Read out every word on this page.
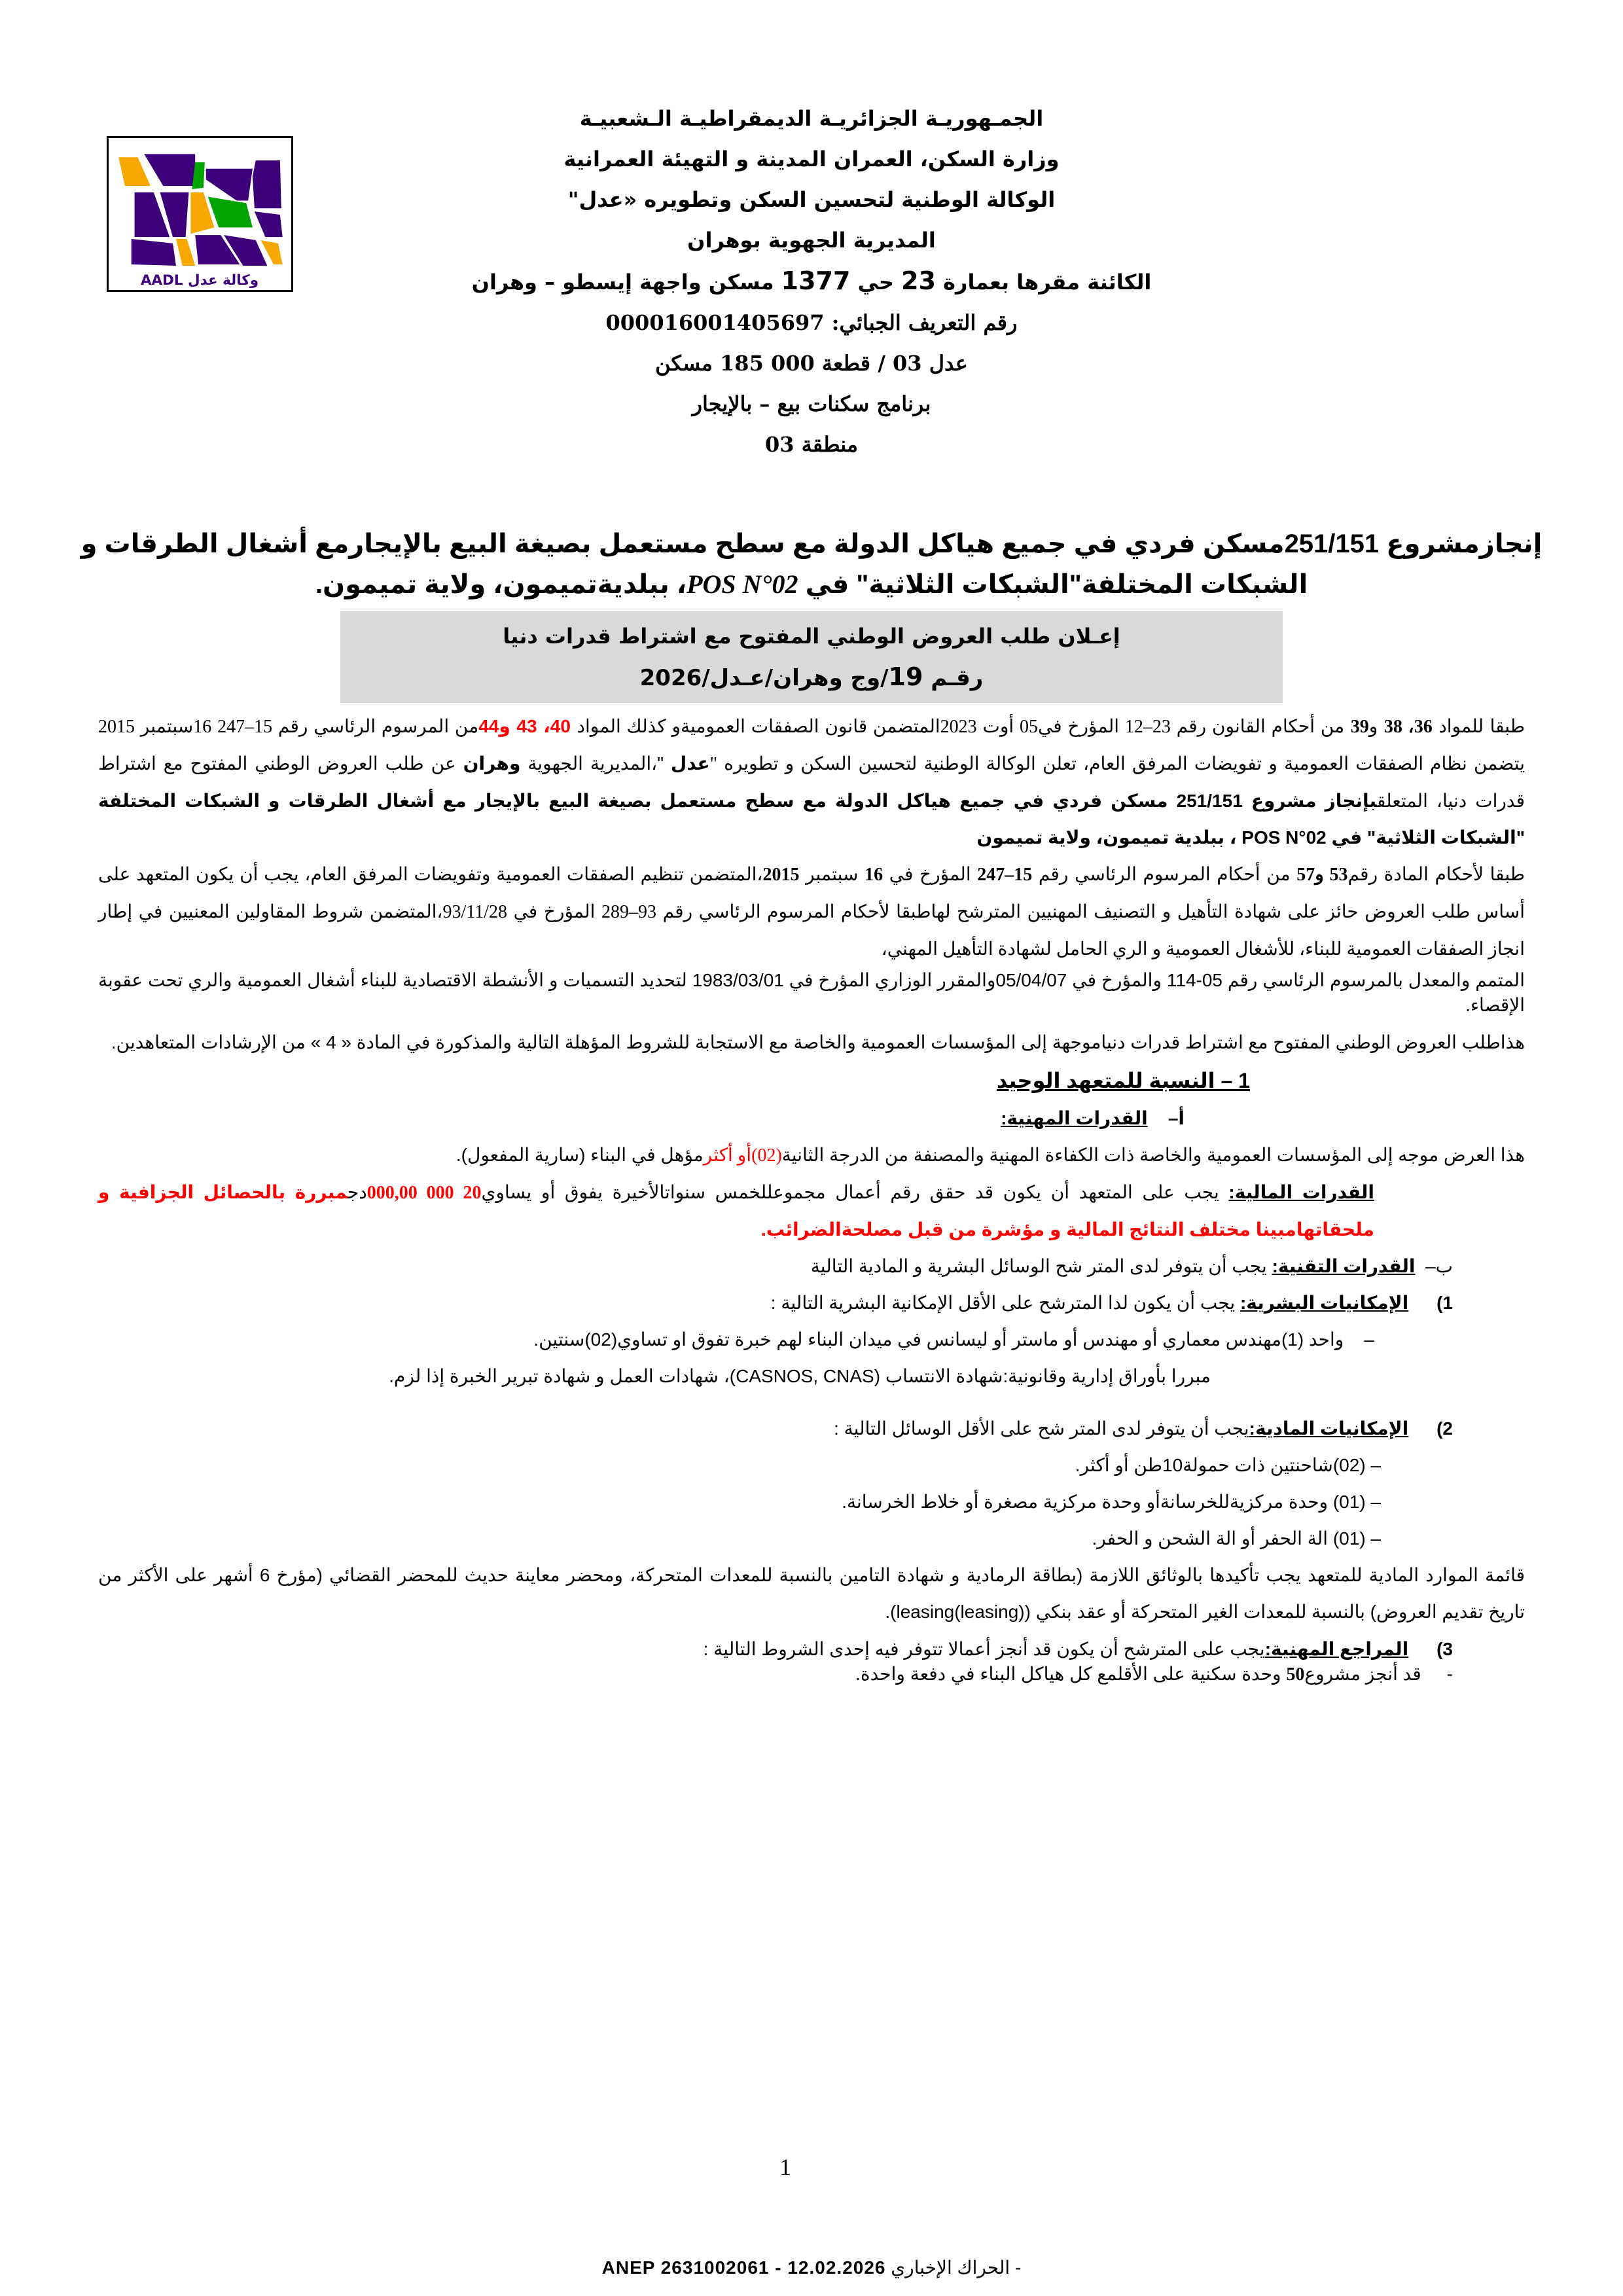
وكالة عدل AADL

الجمـهوريـة الجزائريـة الديمقراطيـة الـشعبيـة

وزارة السكن، العمران المدينة و التهيئة العمرانية

الوكالة الوطنية لتحسين السكن وتطويره «عدل"

المديرية الجهوية بوهران

الكائنة مقرها بعمارة 23 حي 1377 مسكن واجهة إيسطو – وهران

رقم التعريف الجبائي: 000016001405697

عدل 03 / قطعة 000 185 مسكن

برنامج سكنات بيع – بالإيجار

منطقة 03

إنجازمشروع 251/151مسكن فردي في جميع هياكل الدولة مع سطح مستعمل بصيغة البيع بالإيجارمع أشغال الطرقات و
الشبكات المختلفة"الشبكات الثلاثية" في POS N°02، ببلديةتميمون، ولاية تميمون.
إعـلان طلب العروض الوطني المفتوح مع اشتراط قدرات دنيا
رقـم 19/وج وهران/عـدل/2026

طبقا للمواد 36، 38 و39 من أحكام القانون رقم 23–12 المؤرخ في05 أوت 2023المتضمن قانون الصفقات العموميةو كذلك المواد 40، 43 و44من المرسوم الرئاسي رقم 15–247 16سبتمبر 2015 يتضمن نظام الصفقات العمومية و تفويضات المرفق العام، تعلن الوكالة الوطنية لتحسين السكن و تطويره "عدل "،المديرية الجهوية وهران عن طلب العروض الوطني المفتوح مع اشتراط قدرات دنيا، المتعلقبإنجاز مشروع 251/151 مسكن فردي في جميع هياكل الدولة مع سطح مستعمل بصيغة البيع بالإيجار مع أشغال الطرقات و الشبكات المختلفة "الشبكات الثلاثية" في POS N°02 ، ببلدية تميمون، ولاية تميمون

طبقا لأحكام المادة رقم53 و57 من أحكام المرسوم الرئاسي رقم 15–247 المؤرخ في 16 سبتمبر 2015،المتضمن تنظيم الصفقات العمومية وتفويضات المرفق العام، يجب أن يكون المتعهد على أساس طلب العروض حائز على شهادة التأهيل و التصنيف المهنيين المترشح لهاطبقا لأحكام المرسوم الرئاسي رقم 93–289 المؤرخ في 93/11/28،المتضمن شروط المقاولين المعنيين في إطار انجاز الصفقات العمومية للبناء، للأشغال العمومية و الري الحامل لشهادة التأهيل المهني،

المتمم والمعدل بالمرسوم الرئاسي رقم 05-114 والمؤرخ في 05/04/07والمقرر الوزاري المؤرخ في 1983/03/01 لتحديد التسميات و الأنشطة الاقتصادية للبناء أشغال العمومية والري تحت عقوبة الإقصاء.

هذاطلب العروض الوطني المفتوح مع اشتراط قدرات دنياموجهة إلى المؤسسات العمومية والخاصة مع الاستجابة للشروط المؤهلة التالية والمذكورة في المادة « 4 » من الإرشادات المتعاهدين.

1 – النسبة للمتعهد الوحيد
أ–    القدرات المهنية:

هذا العرض موجه إلى المؤسسات العمومية والخاصة ذات الكفاءة المهنية والمصنفة من الدرجة الثانية(02)أو أكثرمؤهل في البناء (سارية المفعول).

القدرات المالية: يجب على المتعهد أن يكون قد حقق رقم أعمال مجموعللخمس سنواتالأخيرة يفوق أو يساوي20 000 000,00دجمبررة بالحصائل الجزافية و ملحقاتهامبينا مختلف النتائج المالية و مؤشرة من قبل مصلحةالضرائب.

ب–  القدرات التقنية: يجب أن يتوفر لدى المتر شح الوسائل البشرية و المادية التالية

1) الإمكانيات البشرية: يجب أن يكون لدا المترشح على الأقل الإمكانية البشرية التالية :

–    واحد (1)مهندس معماري أو مهندس أو ماستر أو ليسانس في ميدان البناء لهم خبرة تفوق او تساوي(02)سنتين.

مبررا بأوراق إدارية وقانونية:شهادة الانتساب (CASNOS, CNAS)، شهادات العمل و شهادة تبرير الخبرة إذا لزم.

2) الإمكانيات المادية:يجب أن يتوفر لدى المتر شح على الأقل الوسائل التالية :

– (02)شاحنتين ذات حمولة10طن أو أكثر.

– (01) وحدة مركزيةللخرسانةأو وحدة مركزية مصغرة أو خلاط الخرسانة.

– (01) الة الحفر أو الة الشحن و الحفر.

قائمة الموارد المادية للمتعهد يجب تأكيدها بالوثائق اللازمة (بطاقة الرمادية و شهادة التامين بالنسبة للمعدات المتحركة، ومحضر معاينة حديث للمحضر القضائي (مؤرخ 6 أشهر على الأكثر من تاريخ تقديم العروض) بالنسبة للمعدات الغير المتحركة أو عقد بنكي ((leasing)leasing).

3) المراجع المهنية:يجب على المترشح أن يكون قد أنجز أعمالا تتوفر فيه إحدى الشروط التالية :

-     قد أنجز مشروع50 وحدة سكنية على الأقلمع كل هياكل البناء في دفعة واحدة.

1
ANEP 2631002061 - 12.02.2026 - الحراك الإخباري
